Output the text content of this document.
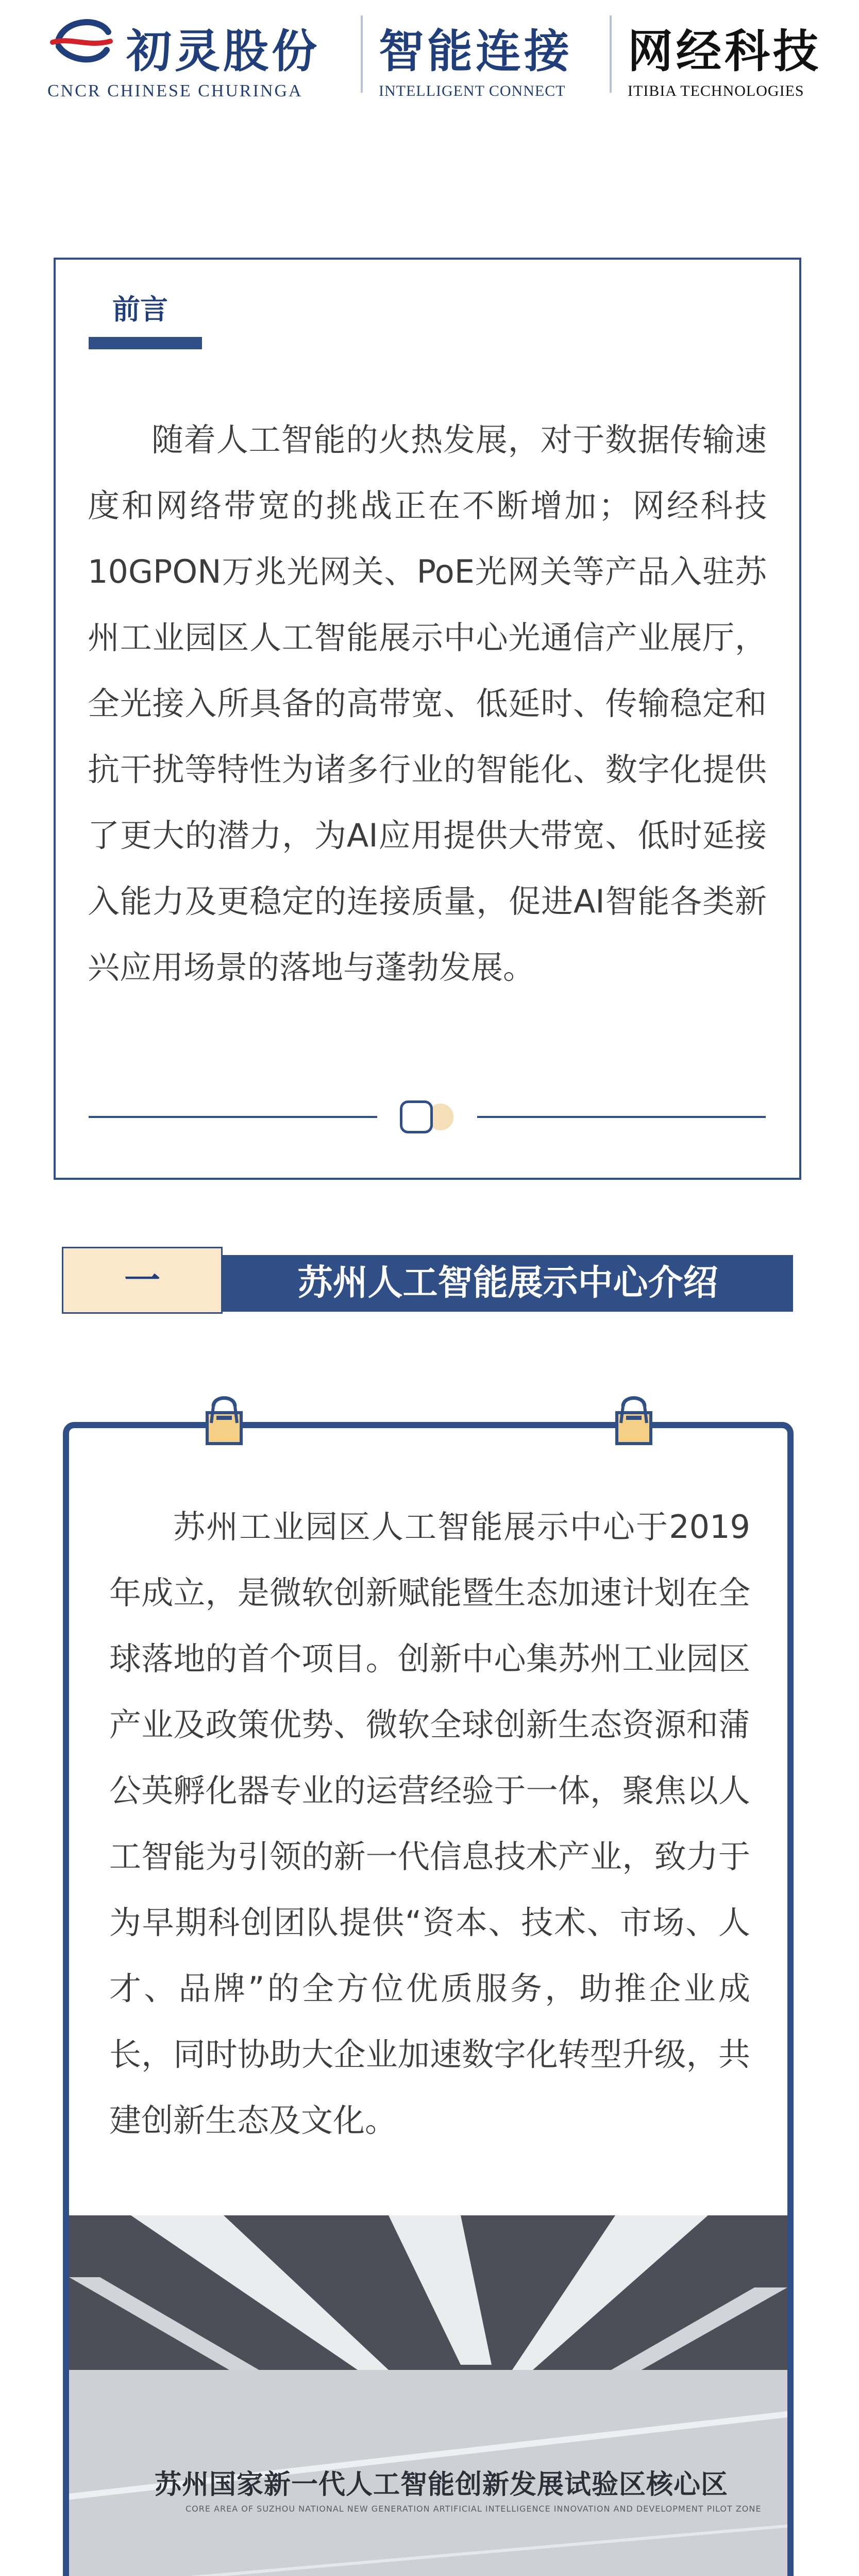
初灵股份
CNCR CHINESE CHURINGA
智能连接
INTELLIGENT CONNECT
网经科技
ITIBIA TECHNOLOGIES
前言

随着人工智能的火热发展，对于数据传输速度和网络带宽的挑战正在不断增加；网经科技10GPON万兆光网关、PoE光网关等产品入驻苏州工业园区人工智能展示中心光通信产业展厅，全光接入所具备的高带宽、低延时、传输稳定和抗干扰等特性为诸多行业的智能化、数字化提供了更大的潜力，为AI应用提供大带宽、低时延接入能力及更稳定的连接质量，促进AI智能各类新兴应用场景的落地与蓬勃发展。

一	苏州人工智能展示中心介绍

苏州工业园区人工智能展示中心于2019年成立，是微软创新赋能暨生态加速计划在全球落地的首个项目。创新中心集苏州工业园区产业及政策优势、微软全球创新生态资源和蒲公英孵化器专业的运营经验于一体，聚焦以人工智能为引领的新一代信息技术产业，致力于为早期科创团队提供“资本、技术、市场、人才、品牌”的全方位优质服务，助推企业成长，同时协助大企业加速数字化转型升级，共建创新生态及文化。

苏州国家新一代人工智能创新发展试验区核心区
CORE AREA OF SUZHOU NATIONAL NEW GENERATION ARTIFICIAL INTELLIGENCE INNOVATION AND DEVELOPMENT PILOT ZONE
